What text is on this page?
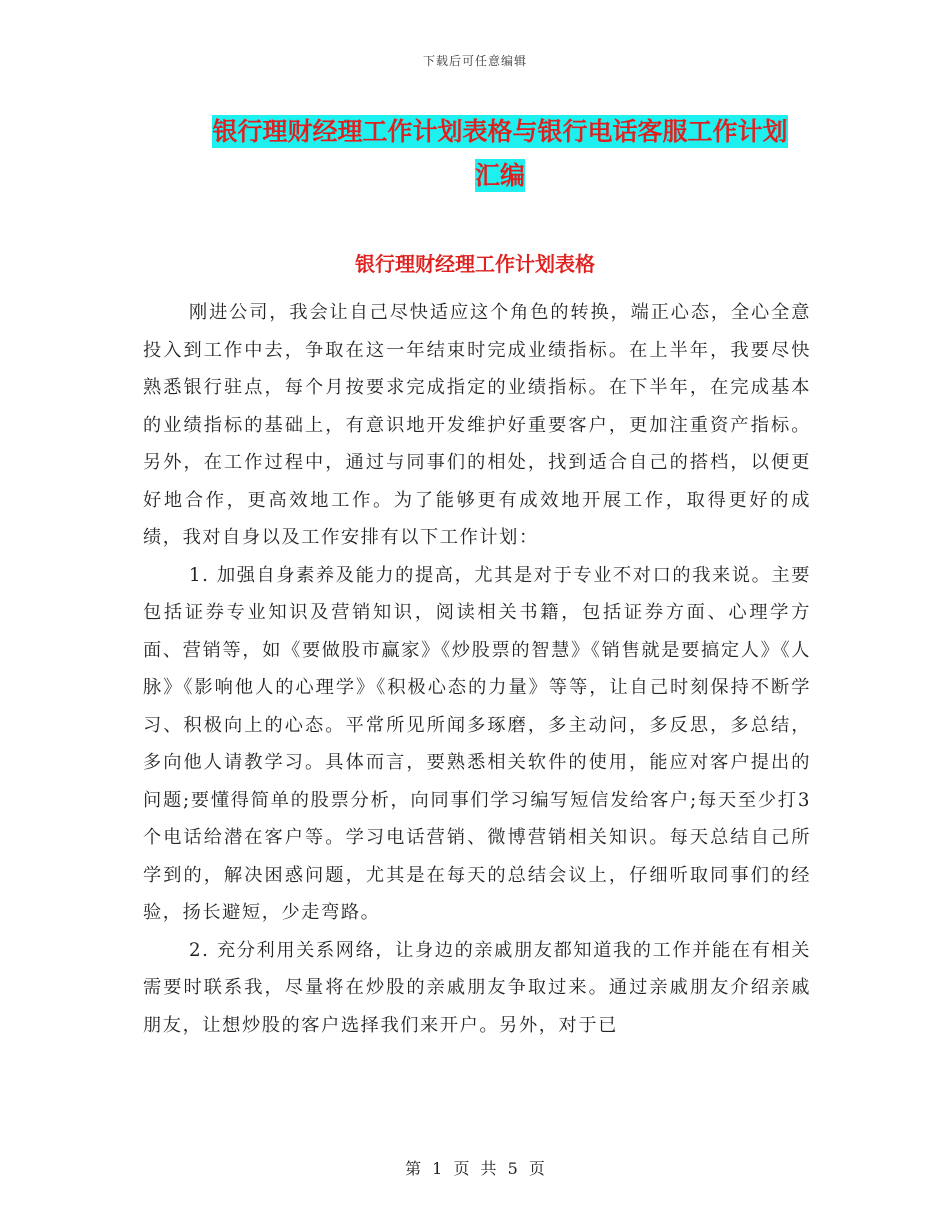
下载后可任意编辑
银行理财经理工作计划表格与银行电话客服工作计划
汇编
银行理财经理工作计划表格

刚进公司，我会让自己尽快适应这个角色的转换，端正心态，全心全意投入到工作中去，争取在这一年结束时完成业绩指标。在上半年，我要尽快熟悉银行驻点，每个月按要求完成指定的业绩指标。在下半年，在完成基本的业绩指标的基础上，有意识地开发维护好重要客户，更加注重资产指标。另外，在工作过程中，通过与同事们的相处，找到适合自己的搭档，以便更好地合作，更高效地工作。为了能够更有成效地开展工作，取得更好的成绩，我对自身以及工作安排有以下工作计划：

1. 加强自身素养及能力的提高，尤其是对于专业不对口的我来说。主要包括证券专业知识及营销知识，阅读相关书籍，包括证券方面、心理学方面、营销等，如《要做股市赢家》《炒股票的智慧》《销售就是要搞定人》《人脉》《影响他人的心理学》《积极心态的力量》等等，让自己时刻保持不断学习、积极向上的心态。平常所见所闻多琢磨，多主动问，多反思，多总结，多向他人请教学习。具体而言，要熟悉相关软件的使用，能应对客户提出的问题;要懂得简单的股票分析，向同事们学习编写短信发给客户;每天至少打3个电话给潜在客户等。学习电话营销、微博营销相关知识。每天总结自己所学到的，解决困惑问题，尤其是在每天的总结会议上，仔细听取同事们的经验，扬长避短，少走弯路。

2. 充分利用关系网络，让身边的亲戚朋友都知道我的工作并能在有相关需要时联系我，尽量将在炒股的亲戚朋友争取过来。通过亲戚朋友介绍亲戚朋友，让想炒股的客户选择我们来开户。另外，对于已

第 1 页 共 5 页
